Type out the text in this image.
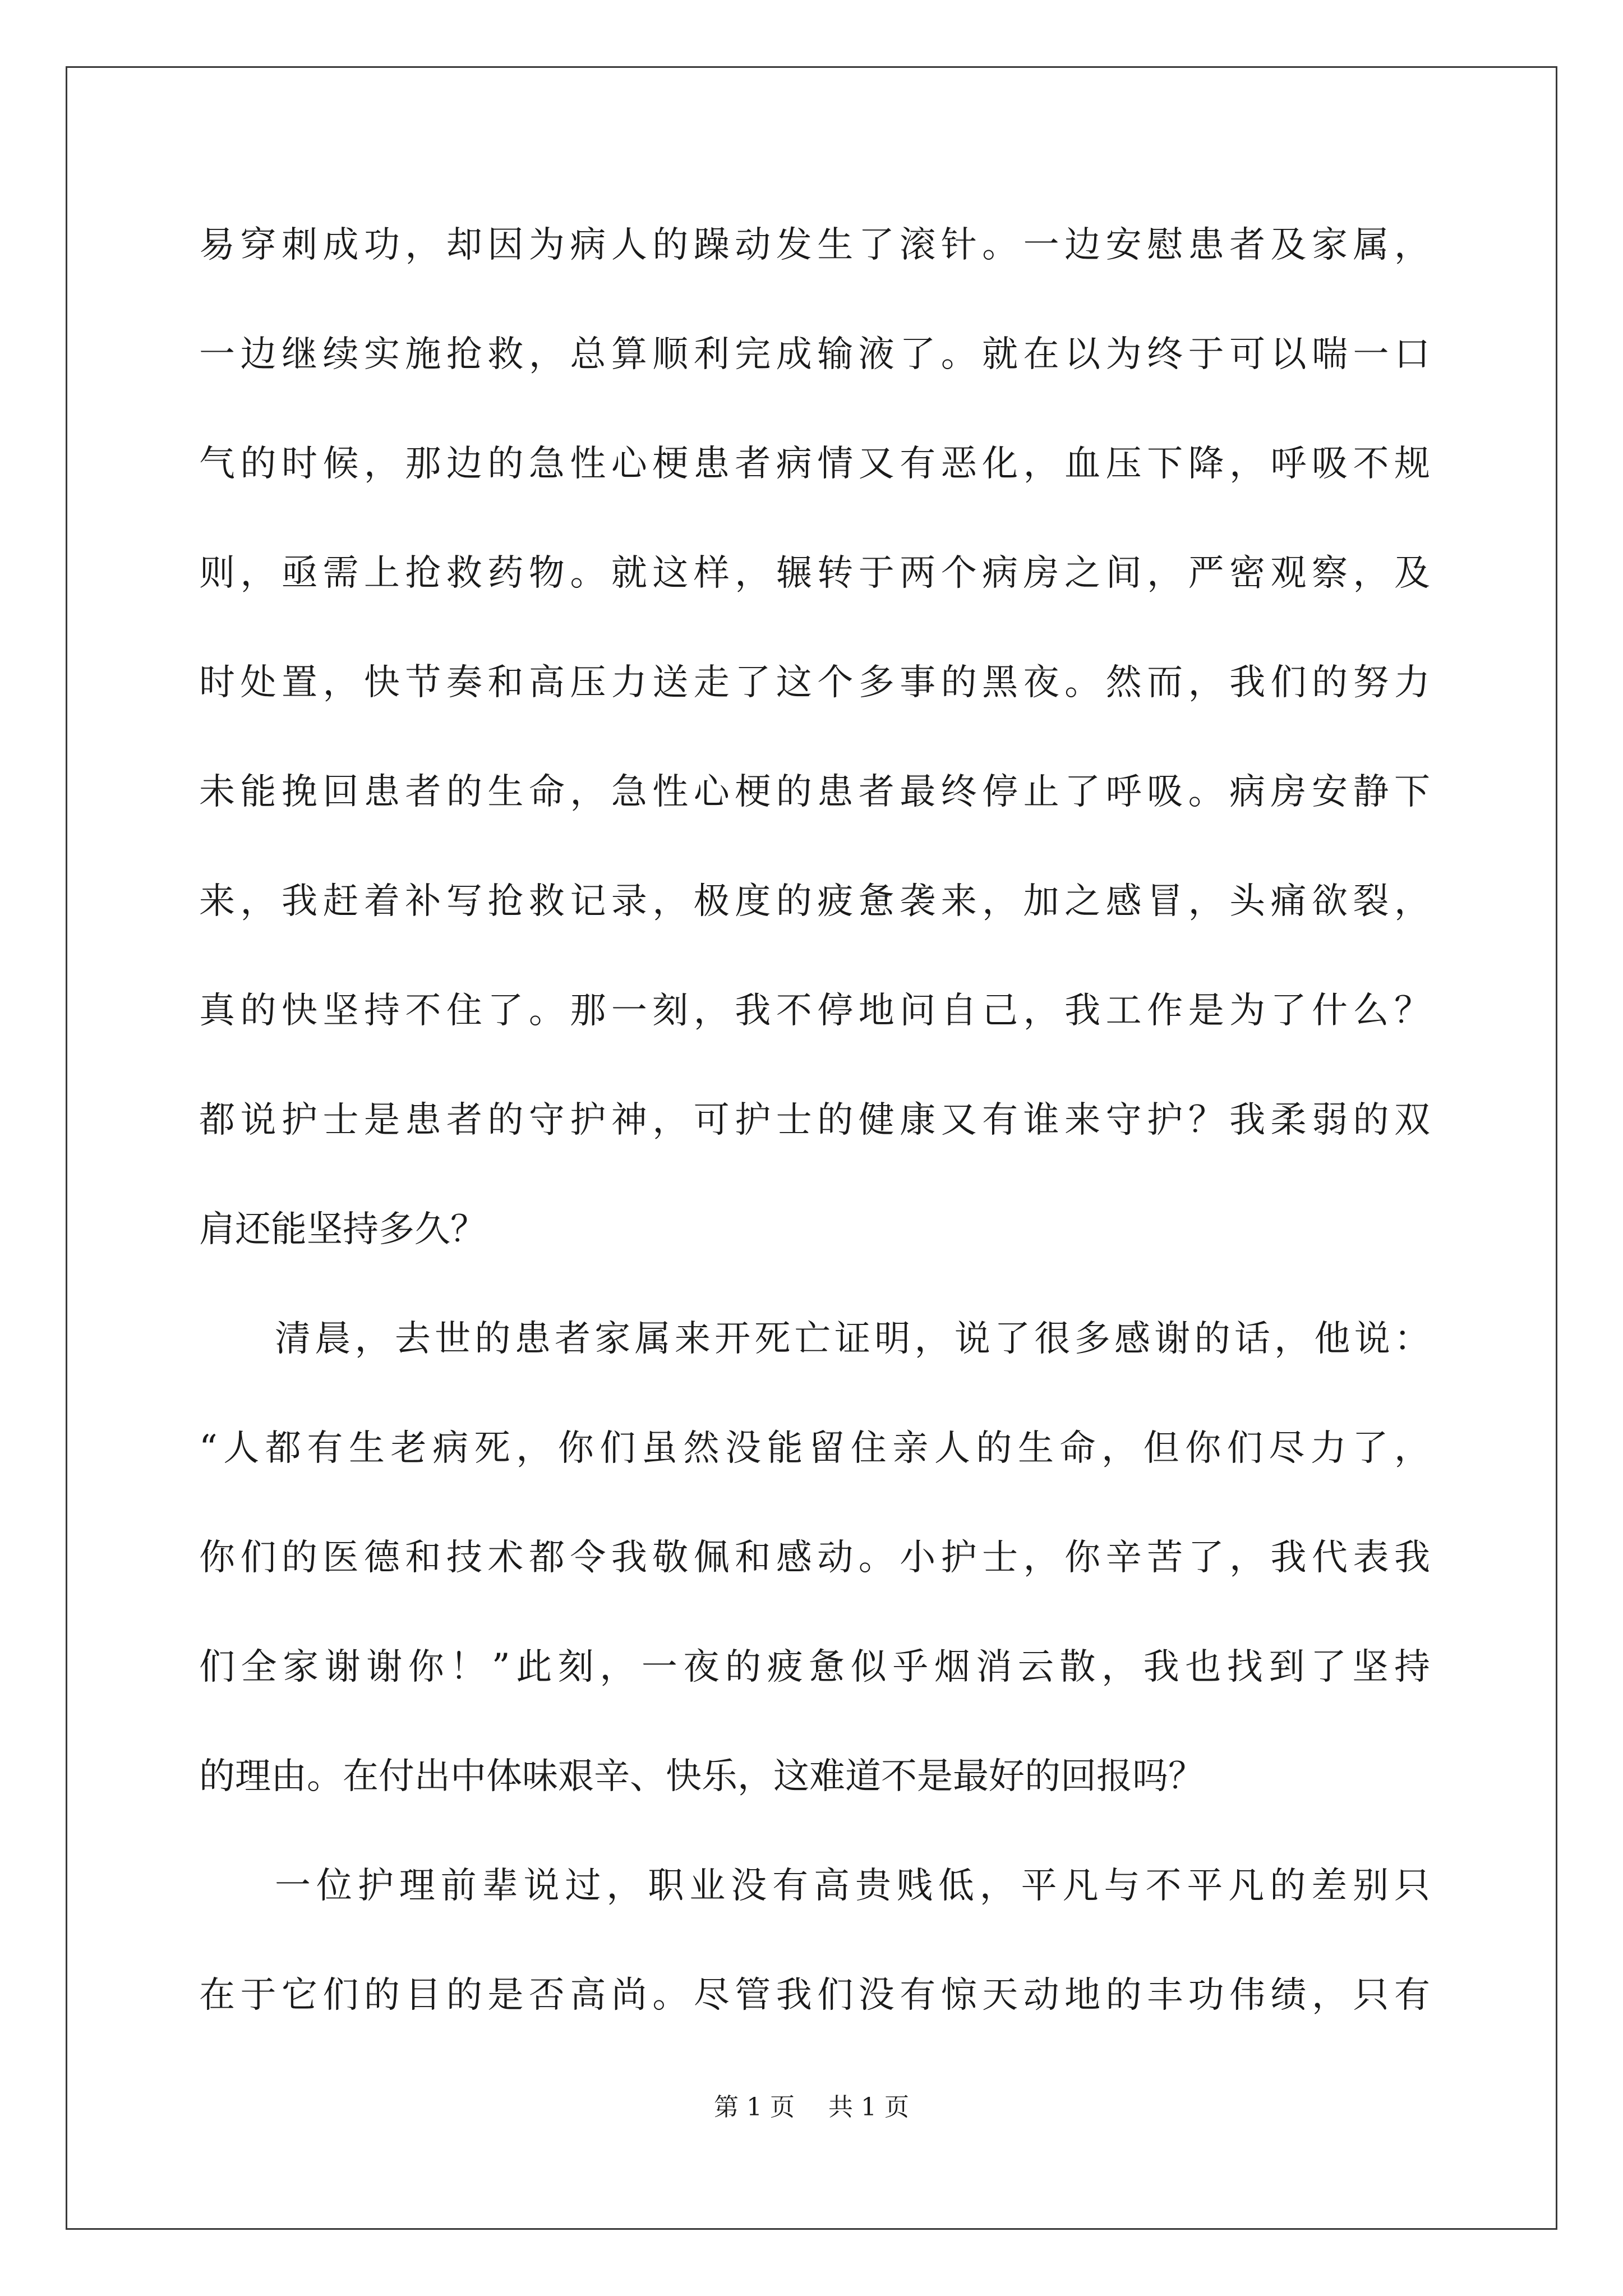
易穿刺成功，却因为病人的躁动发生了滚针。一边安慰患者及家属，
一边继续实施抢救，总算顺利完成输液了。就在以为终于可以喘一口
气的时候，那边的急性心梗患者病情又有恶化，血压下降，呼吸不规
则，亟需上抢救药物。就这样，辗转于两个病房之间，严密观察，及
时处置，快节奏和高压力送走了这个多事的黑夜。然而，我们的努力
未能挽回患者的生命，急性心梗的患者最终停止了呼吸。病房安静下
来，我赶着补写抢救记录，极度的疲惫袭来，加之感冒，头痛欲裂，
真的快坚持不住了。那一刻，我不停地问自己，我工作是为了什么？
都说护士是患者的守护神，可护士的健康又有谁来守护？我柔弱的双
肩还能坚持多久？
清晨，去世的患者家属来开死亡证明，说了很多感谢的话，他说：
“人都有生老病死，你们虽然没能留住亲人的生命，但你们尽力了，
你们的医德和技术都令我敬佩和感动。小护士，你辛苦了，我代表我
们全家谢谢你！”此刻，一夜的疲惫似乎烟消云散，我也找到了坚持
的理由。在付出中体味艰辛、快乐，这难道不是最好的回报吗？
一位护理前辈说过，职业没有高贵贱低，平凡与不平凡的差别只
在于它们的目的是否高尚。尽管我们没有惊天动地的丰功伟绩，只有
第 1 页 共 1 页
